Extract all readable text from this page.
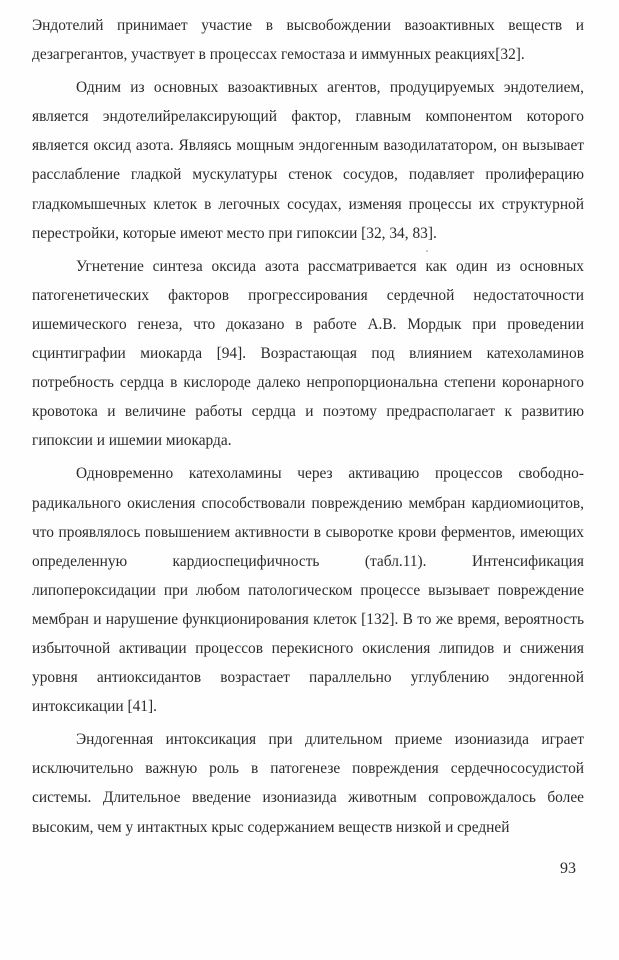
Эндотелий принимает участие в высвобождении вазоактивных веществ и дезагрегантов, участвует в процессах гемостаза и иммунных реакциях[32].

Одним из основных вазоактивных агентов, продуцируемых эндотелием, является эндотелийрелаксирующий фактор, главным компонентом которого является оксид азота. Являясь мощным эндогенным вазодилататором, он вызывает расслабление гладкой мускулатуры стенок сосудов, подавляет пролиферацию гладкомышечных клеток в легочных сосудах, изменяя процессы их структурной перестройки, которые имеют место при гипоксии [32, 34, 83].

Угнетение синтеза оксида азота рассматривается как один из основных патогенетических факторов прогрессирования сердечной недостаточности ишемического генеза, что доказано в работе А.В. Мордык при проведении сцинтиграфии миокарда [94]. Возрастающая под влиянием катехоламинов потребность сердца в кислороде далеко непропорциональна степени коронарного кровотока и величине работы сердца и поэтому предрасполагает к развитию гипоксии и ишемии миокарда.

Одновременно катехоламины через активацию процессов свободно-радикального окисления способствовали повреждению мембран кардиомиоцитов, что проявлялось повышением активности в сыворотке крови ферментов, имеющих определенную кардиоспецифичность (табл.11). Интенсификация липопероксидации при любом патологическом процессе вызывает повреждение мембран и нарушение функционирования клеток [132]. В то же время, вероятность избыточной активации процессов перекисного окисления липидов и снижения уровня антиоксидантов возрастает параллельно углублению эндогенной интоксикации [41].

Эндогенная интоксикация при длительном приеме изониазида играет исключительно важную роль в патогенезе повреждения сердечнососудистой системы. Длительное введение изониазида животным сопровождалось более высоким, чем у интактных крыс содержанием веществ низкой и средней

93
